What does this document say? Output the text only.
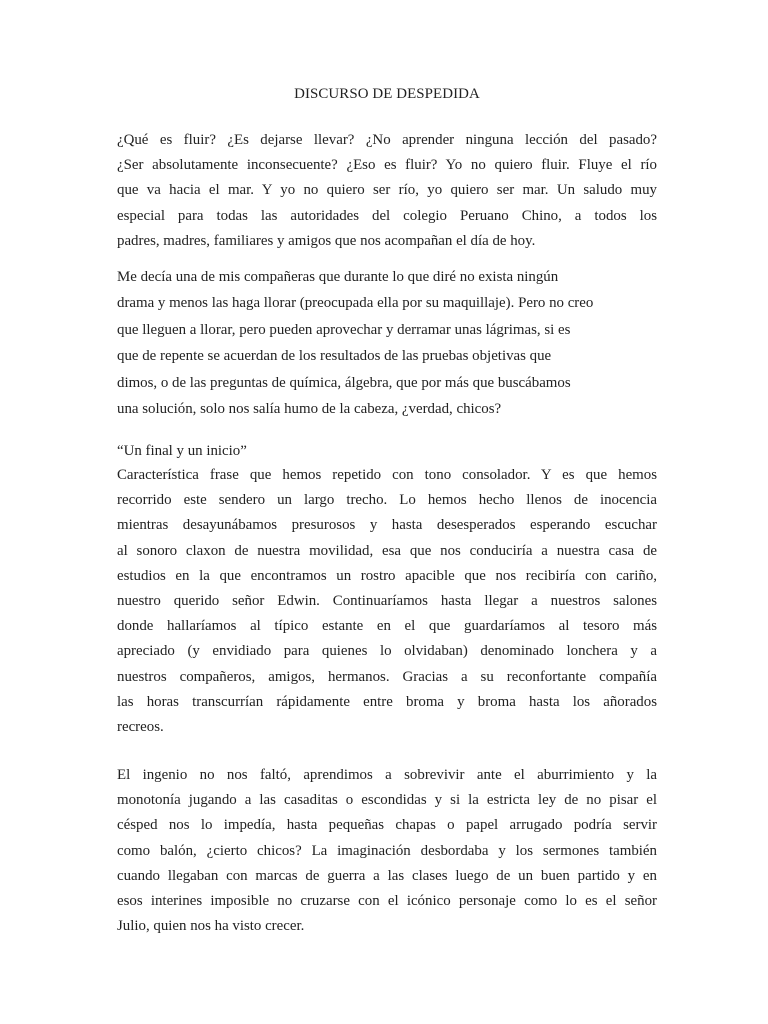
DISCURSO DE DESPEDIDA
¿Qué es fluir? ¿Es dejarse llevar? ¿No aprender ninguna lección del pasado?
¿Ser absolutamente inconsecuente? ¿Eso es fluir? Yo no quiero fluir. Fluye el río
que va hacia el mar. Y yo no quiero ser río, yo quiero ser mar. Un saludo muy
especial para todas las autoridades del colegio Peruano Chino, a todos los
padres, madres, familiares y amigos que nos acompañan el día de hoy.
Me decía una de mis compañeras que durante lo que diré no exista ningún
drama y menos las haga llorar (preocupada ella por su maquillaje). Pero no creo
que lleguen a llorar, pero pueden aprovechar y derramar unas lágrimas, si es
que de repente se acuerdan de los resultados de las pruebas objetivas que
dimos, o de las preguntas de química, álgebra, que por más que buscábamos
una solución, solo nos salía humo de la cabeza, ¿verdad, chicos?
“Un final y un inicio”
Característica frase que hemos repetido con tono consolador. Y es que hemos
recorrido este sendero un largo trecho. Lo hemos hecho llenos de inocencia
mientras desayunábamos presurosos y hasta desesperados esperando escuchar
al sonoro claxon de nuestra movilidad, esa que nos conduciría a nuestra casa de
estudios en la que encontramos un rostro apacible que nos recibiría con cariño,
nuestro querido señor Edwin. Continuaríamos hasta llegar a nuestros salones
donde hallaríamos al típico estante en el que guardaríamos al tesoro más
apreciado (y envidiado para quienes lo olvidaban) denominado lonchera y a
nuestros compañeros, amigos, hermanos. Gracias a su reconfortante compañía
las horas transcurrían rápidamente entre broma y broma hasta los añorados
recreos.
El ingenio no nos faltó, aprendimos a sobrevivir ante el aburrimiento y la
monotonía jugando a las casaditas o escondidas y si la estricta ley de no pisar el
césped nos lo impedía, hasta pequeñas chapas o papel arrugado podría servir
como balón, ¿cierto chicos? La imaginación desbordaba y los sermones también
cuando llegaban con marcas de guerra a las clases luego de un buen partido y en
esos interines imposible no cruzarse con el icónico personaje como lo es el señor
Julio, quien nos ha visto crecer.
